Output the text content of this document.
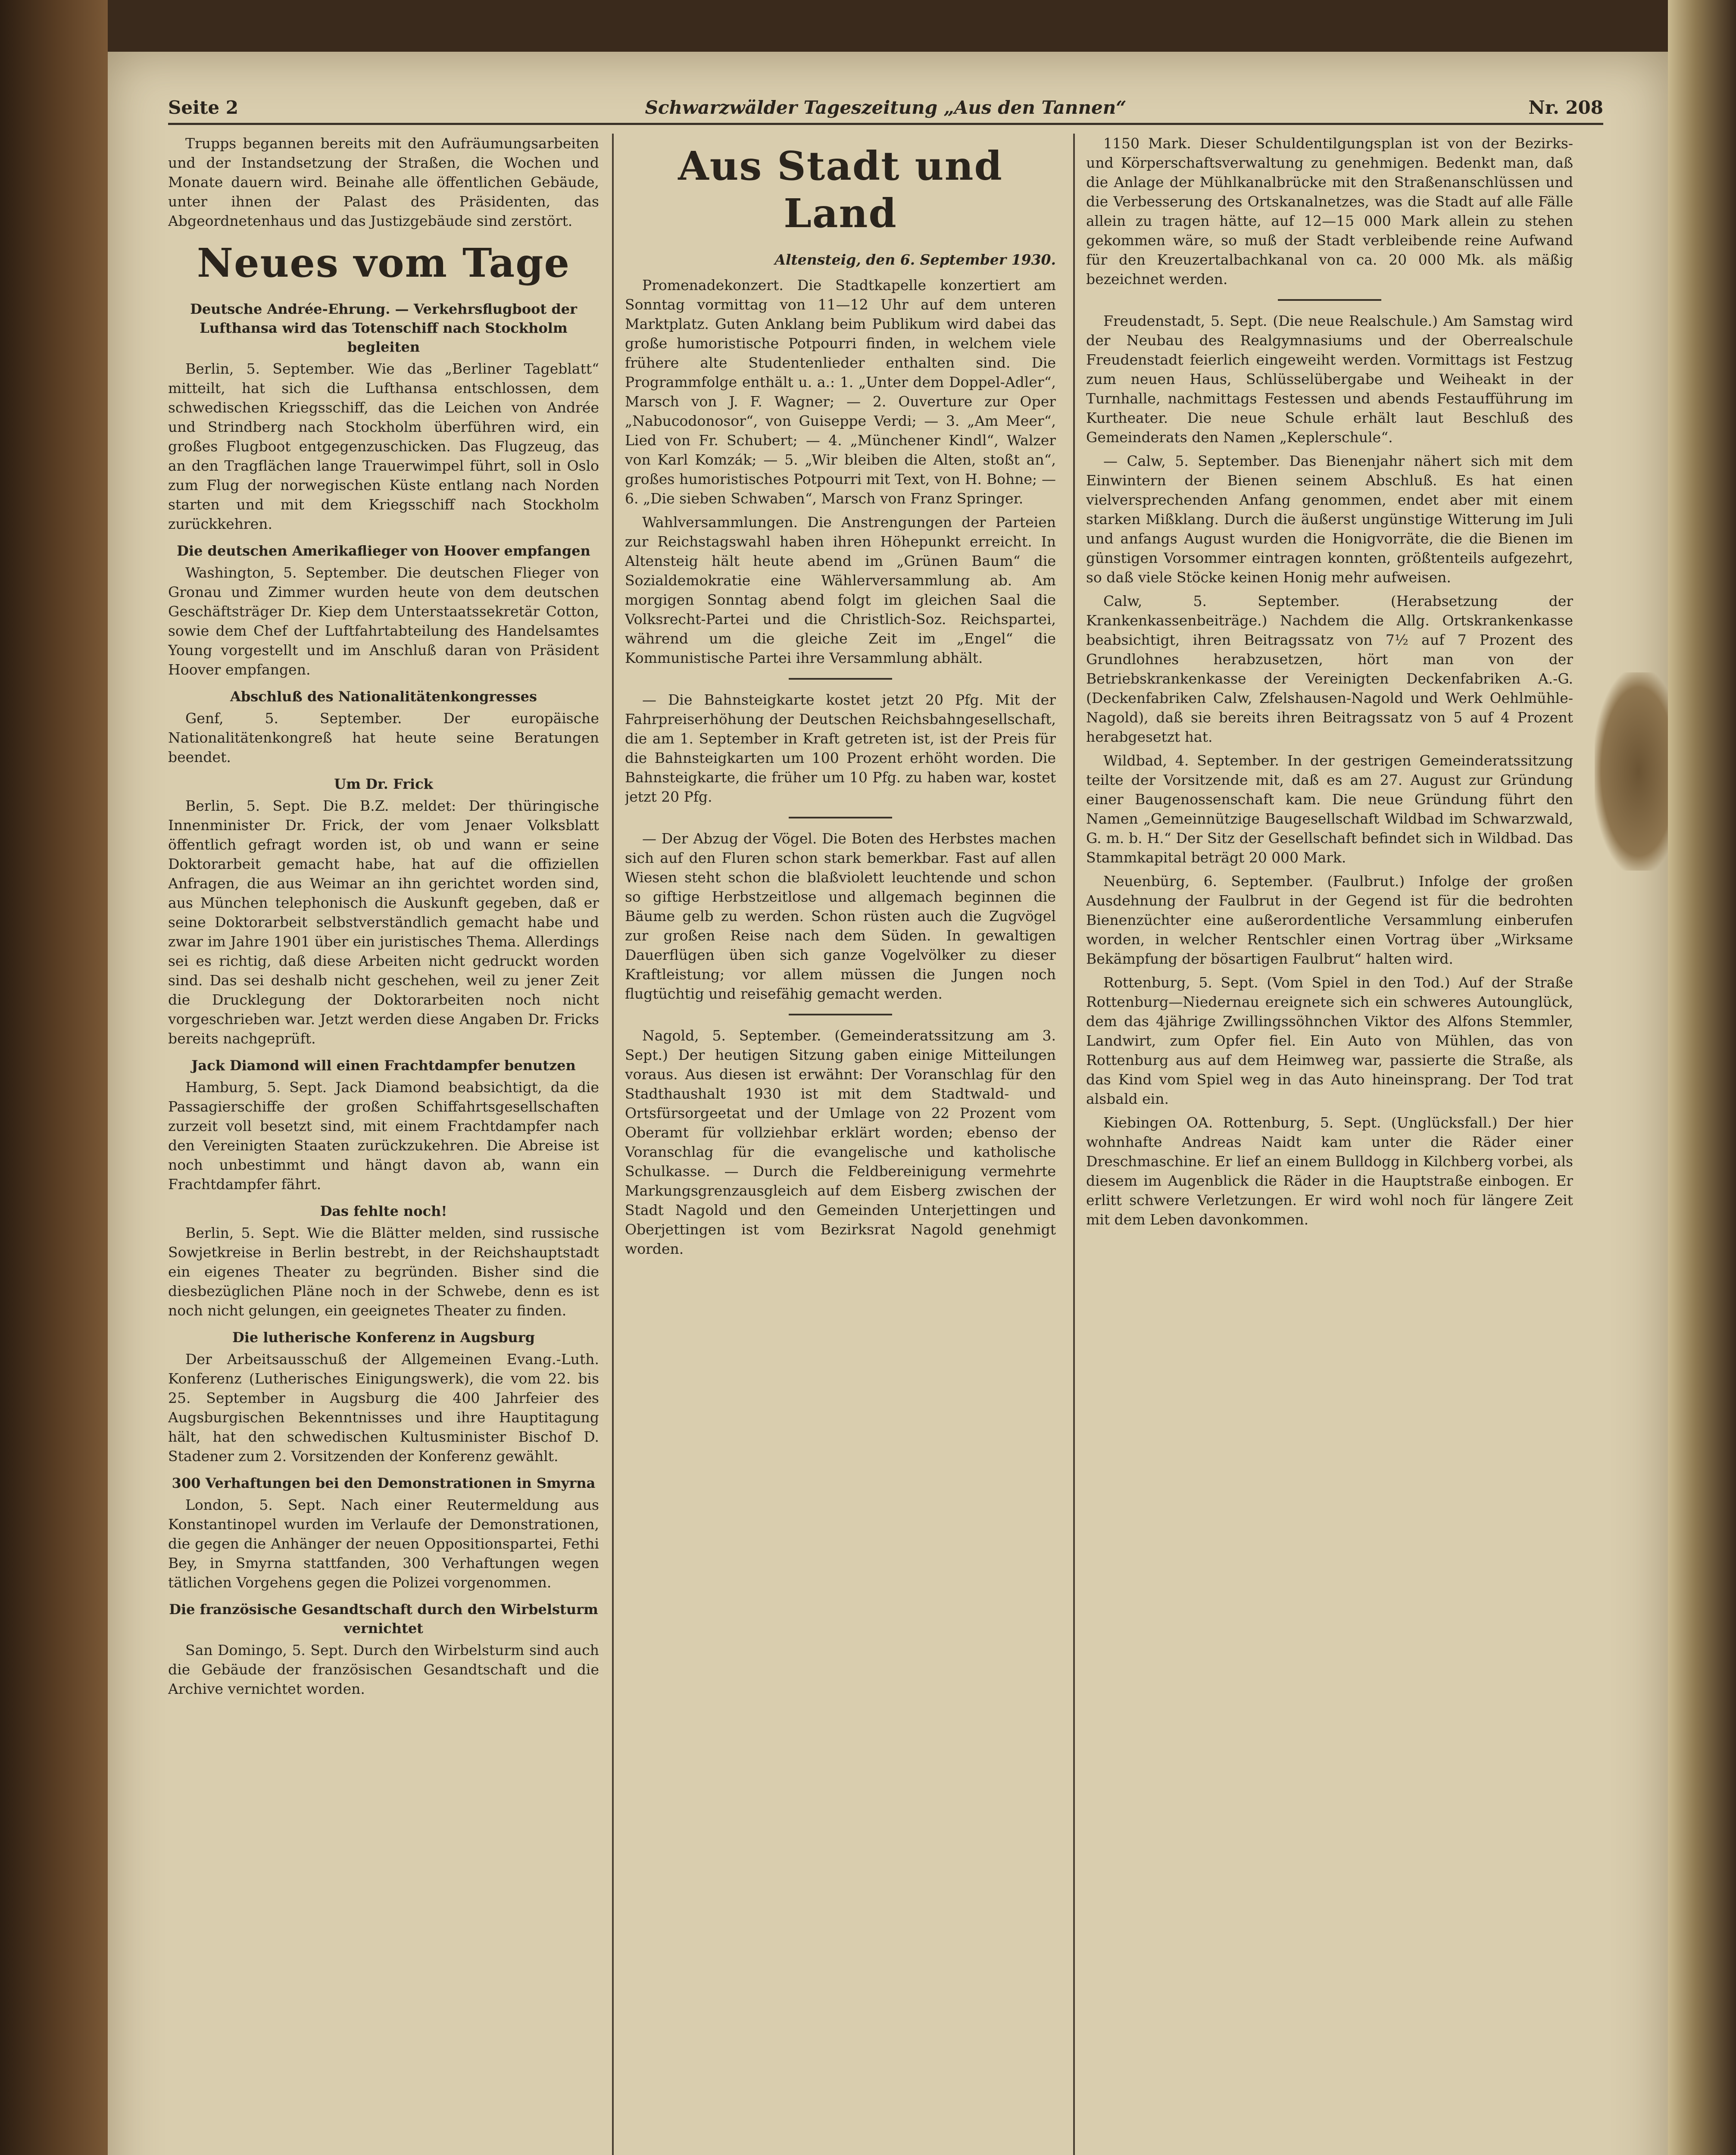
Seite 2	Schwarzwälder Tageszeitung „Aus den Tannen“	Nr. 208

Trupps begannen bereits mit den Aufräumungsarbeiten und der Instandsetzung der Straßen, die Wochen und Monate dauern wird. Beinahe alle öffentlichen Gebäude, unter ihnen der Palast des Präsidenten, das Abgeordnetenhaus und das Justizgebäude sind zerstört.

Neues vom Tage
Deutsche Andrée-Ehrung. — Verkehrsflugboot der Lufthansa wird das Totenschiff nach Stockholm begleiten

Berlin, 5. September. Wie das „Berliner Tageblatt“ mitteilt, hat sich die Lufthansa entschlossen, dem schwedischen Kriegsschiff, das die Leichen von Andrée und Strindberg nach Stockholm überführen wird, ein großes Flugboot entgegenzuschicken. Das Flugzeug, das an den Tragflächen lange Trauerwimpel führt, soll in Oslo zum Flug der norwegischen Küste entlang nach Norden starten und mit dem Kriegsschiff nach Stockholm zurückkehren.

Die deutschen Amerikaflieger von Hoover empfangen

Washington, 5. September. Die deutschen Flieger von Gronau und Zimmer wurden heute von dem deutschen Geschäftsträger Dr. Kiep dem Unterstaatssekretär Cotton, sowie dem Chef der Luftfahrtabteilung des Handelsamtes Young vorgestellt und im Anschluß daran von Präsident Hoover empfangen.

Abschluß des Nationalitätenkongresses

Genf, 5. September. Der europäische Nationalitätenkongreß hat heute seine Beratungen beendet.

Um Dr. Frick

Berlin, 5. Sept. Die B.Z. meldet: Der thüringische Innenminister Dr. Frick, der vom Jenaer Volksblatt öffentlich gefragt worden ist, ob und wann er seine Doktorarbeit gemacht habe, hat auf die offiziellen Anfragen, die aus Weimar an ihn gerichtet worden sind, aus München telephonisch die Auskunft gegeben, daß er seine Doktorarbeit selbstverständlich gemacht habe und zwar im Jahre 1901 über ein juristisches Thema. Allerdings sei es richtig, daß diese Arbeiten nicht gedruckt worden sind. Das sei deshalb nicht geschehen, weil zu jener Zeit die Drucklegung der Doktorarbeiten noch nicht vorgeschrieben war. Jetzt werden diese Angaben Dr. Fricks bereits nachgeprüft.

Jack Diamond will einen Frachtdampfer benutzen

Hamburg, 5. Sept. Jack Diamond beabsichtigt, da die Passagierschiffe der großen Schiffahrtsgesellschaften zurzeit voll besetzt sind, mit einem Frachtdampfer nach den Vereinigten Staaten zurückzukehren. Die Abreise ist noch unbestimmt und hängt davon ab, wann ein Frachtdampfer fährt.

Das fehlte noch!

Berlin, 5. Sept. Wie die Blätter melden, sind russische Sowjetkreise in Berlin bestrebt, in der Reichshauptstadt ein eigenes Theater zu begründen. Bisher sind die diesbezüglichen Pläne noch in der Schwebe, denn es ist noch nicht gelungen, ein geeignetes Theater zu finden.

Die lutherische Konferenz in Augsburg

Der Arbeitsausschuß der Allgemeinen Evang.-Luth. Konferenz (Lutherisches Einigungswerk), die vom 22. bis 25. September in Augsburg die 400 Jahrfeier des Augsburgischen Bekenntnisses und ihre Hauptitagung hält, hat den schwedischen Kultusminister Bischof D. Stadener zum 2. Vorsitzenden der Konferenz gewählt.

300 Verhaftungen bei den Demonstrationen in Smyrna

London, 5. Sept. Nach einer Reutermeldung aus Konstantinopel wurden im Verlaufe der Demonstrationen, die gegen die Anhänger der neuen Oppositionspartei, Fethi Bey, in Smyrna stattfanden, 300 Verhaftungen wegen tätlichen Vorgehens gegen die Polizei vorgenommen.

Die französische Gesandtschaft durch den Wirbelsturm vernichtet

San Domingo, 5. Sept. Durch den Wirbelsturm sind auch die Gebäude der französischen Gesandtschaft und die Archive vernichtet worden.

Aus Stadt und Land
Altensteig, den 6. September 1930.

Promenadekonzert. Die Stadtkapelle konzertiert am Sonntag vormittag von 11—12 Uhr auf dem unteren Marktplatz. Guten Anklang beim Publikum wird dabei das große humoristische Potpourri finden, in welchem viele frühere alte Studentenlieder enthalten sind. Die Programmfolge enthält u. a.: 1. „Unter dem Doppel-Adler“, Marsch von J. F. Wagner; — 2. Ouverture zur Oper „Nabucodonosor“, von Guiseppe Verdi; — 3. „Am Meer“, Lied von Fr. Schubert; — 4. „Münchener Kindl“, Walzer von Karl Komzák; — 5. „Wir bleiben die Alten, stoßt an“, großes humoristisches Potpourri mit Text, von H. Bohne; — 6. „Die sieben Schwaben“, Marsch von Franz Springer.

Wahlversammlungen. Die Anstrengungen der Parteien zur Reichstagswahl haben ihren Höhepunkt erreicht. In Altensteig hält heute abend im „Grünen Baum“ die Sozialdemokratie eine Wählerversammlung ab. Am morgigen Sonntag abend folgt im gleichen Saal die Volksrecht-Partei und die Christlich-Soz. Reichspartei, während um die gleiche Zeit im „Engel“ die Kommunistische Partei ihre Versammlung abhält.

— Die Bahnsteigkarte kostet jetzt 20 Pfg. Mit der Fahrpreiserhöhung der Deutschen Reichsbahngesellschaft, die am 1. September in Kraft getreten ist, ist der Preis für die Bahnsteigkarten um 100 Prozent erhöht worden. Die Bahnsteigkarte, die früher um 10 Pfg. zu haben war, kostet jetzt 20 Pfg.

— Der Abzug der Vögel. Die Boten des Herbstes machen sich auf den Fluren schon stark bemerkbar. Fast auf allen Wiesen steht schon die blaßviolett leuchtende und schon so giftige Herbstzeitlose und allgemach beginnen die Bäume gelb zu werden. Schon rüsten auch die Zugvögel zur großen Reise nach dem Süden. In gewaltigen Dauerflügen üben sich ganze Vogelvölker zu dieser Kraftleistung; vor allem müssen die Jungen noch flugtüchtig und reisefähig gemacht werden.

Nagold, 5. September. (Gemeinderatssitzung am 3. Sept.) Der heutigen Sitzung gaben einige Mitteilungen voraus. Aus diesen ist erwähnt: Der Voranschlag für den Stadthaushalt 1930 ist mit dem Stadtwald- und Ortsfürsorgeetat und der Umlage von 22 Prozent vom Oberamt für vollziehbar erklärt worden; ebenso der Voranschlag für die evangelische und katholische Schulkasse. — Durch die Feldbereinigung vermehrte Markungsgrenzausgleich auf dem Eisberg zwischen der Stadt Nagold und den Gemeinden Unterjettingen und Oberjettingen ist vom Bezirksrat Nagold genehmigt worden.

1150 Mark. Dieser Schuldentilgungsplan ist von der Bezirks- und Körperschaftsverwaltung zu genehmigen. Bedenkt man, daß die Anlage der Mühlkanalbrücke mit den Straßenanschlüssen und die Verbesserung des Ortskanalnetzes, was die Stadt auf alle Fälle allein zu tragen hätte, auf 12—15 000 Mark allein zu stehen gekommen wäre, so muß der Stadt verbleibende reine Aufwand für den Kreuzertalbachkanal von ca. 20 000 Mk. als mäßig bezeichnet werden.

Freudenstadt, 5. Sept. (Die neue Realschule.) Am Samstag wird der Neubau des Realgymnasiums und der Oberrealschule Freudenstadt feierlich eingeweiht werden. Vormittags ist Festzug zum neuen Haus, Schlüsselübergabe und Weiheakt in der Turnhalle, nachmittags Festessen und abends Festaufführung im Kurtheater. Die neue Schule erhält laut Beschluß des Gemeinderats den Namen „Keplerschule“.

— Calw, 5. September. Das Bienenjahr nähert sich mit dem Einwintern der Bienen seinem Abschluß. Es hat einen vielversprechenden Anfang genommen, endet aber mit einem starken Mißklang. Durch die äußerst ungünstige Witterung im Juli und anfangs August wurden die Honigvorräte, die die Bienen im günstigen Vorsommer eintragen konnten, größtenteils aufgezehrt, so daß viele Stöcke keinen Honig mehr aufweisen.

Calw, 5. September. (Herabsetzung der Krankenkassenbeiträge.) Nachdem die Allg. Ortskrankenkasse beabsichtigt, ihren Beitragssatz von 7½ auf 7 Prozent des Grundlohnes herabzusetzen, hört man von der Betriebskrankenkasse der Vereinigten Deckenfabriken A.-G. (Deckenfabriken Calw, Zfelshausen-Nagold und Werk Oehlmühle-Nagold), daß sie bereits ihren Beitragssatz von 5 auf 4 Prozent herabgesetzt hat.

Wildbad, 4. September. In der gestrigen Gemeinderatssitzung teilte der Vorsitzende mit, daß es am 27. August zur Gründung einer Baugenossenschaft kam. Die neue Gründung führt den Namen „Gemeinnützige Baugesellschaft Wildbad im Schwarzwald, G. m. b. H.“ Der Sitz der Gesellschaft befindet sich in Wildbad. Das Stammkapital beträgt 20 000 Mark.

Neuenbürg, 6. September. (Faulbrut.) Infolge der großen Ausdehnung der Faulbrut in der Gegend ist für die bedrohten Bienenzüchter eine außerordentliche Versammlung einberufen worden, in welcher Rentschler einen Vortrag über „Wirksame Bekämpfung der bösartigen Faulbrut“ halten wird.

Rottenburg, 5. Sept. (Vom Spiel in den Tod.) Auf der Straße Rottenburg—Niedernau ereignete sich ein schweres Autounglück, dem das 4jährige Zwillingssöhnchen Viktor des Alfons Stemmler, Landwirt, zum Opfer fiel. Ein Auto von Mühlen, das von Rottenburg aus auf dem Heimweg war, passierte die Straße, als das Kind vom Spiel weg in das Auto hineinsprang. Der Tod trat alsbald ein.

Kiebingen OA. Rottenburg, 5. Sept. (Unglücksfall.) Der hier wohnhafte Andreas Naidt kam unter die Räder einer Dreschmaschine. Er lief an einem Bulldogg in Kilchberg vorbei, als diesem im Augenblick die Räder in die Hauptstraße einbogen. Er erlitt schwere Verletzungen. Er wird wohl noch für längere Zeit mit dem Leben davonkommen.
